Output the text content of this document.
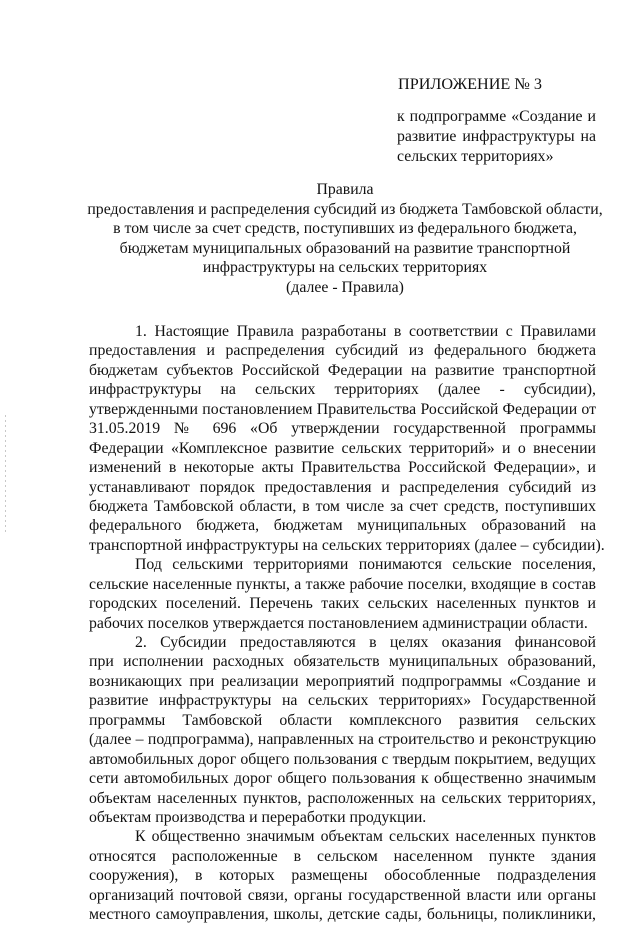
ПРИЛОЖЕНИЕ № 3
к подпрограмме «Создание и
развитие инфраструктуры на
сельских территориях»
Правила
предоставления и распределения субсидий из бюджета Тамбовской области,
в том числе за счет средств, поступивших из федерального бюджета,
бюджетам муниципальных образований на развитие транспортной
инфраструктуры на сельских территориях
(далее - Правила)
1. Настоящие Правила разработаны в соответствии с Правилами
предоставления и распределения субсидий из федерального бюджета
бюджетам субъектов Российской Федерации на развитие транспортной
инфраструктуры на сельских территориях (далее - субсидии),
утвержденными постановлением Правительства Российской Федерации от
31.05.2019 № 696 «Об утверждении государственной программы
Федерации «Комплексное развитие сельских территорий» и о внесении
изменений в некоторые акты Правительства Российской Федерации», и
устанавливают порядок предоставления и распределения субсидий из
бюджета Тамбовской области, в том числе за счет средств, поступивших
федерального бюджета, бюджетам муниципальных образований на
транспортной инфраструктуры на сельских территориях (далее – субсидии).
Под сельскими территориями понимаются сельские поселения,
сельские населенные пункты, а также рабочие поселки, входящие в состав
городских поселений. Перечень таких сельских населенных пунктов и
рабочих поселков утверждается постановлением администрации области.
2. Субсидии предоставляются в целях оказания финансовой
при исполнении расходных обязательств муниципальных образований,
возникающих при реализации мероприятий подпрограммы «Создание и
развитие инфраструктуры на сельских территориях» Государственной
программы Тамбовской области комплексного развития сельских
(далее – подпрограмма), направленных на строительство и реконструкцию
автомобильных дорог общего пользования с твердым покрытием, ведущих
сети автомобильных дорог общего пользования к общественно значимым
объектам населенных пунктов, расположенных на сельских территориях,
объектам производства и переработки продукции.
К общественно значимым объектам сельских населенных пунктов
относятся расположенные в сельском населенном пункте здания
сооружения), в которых размещены обособленные подразделения
организаций почтовой связи, органы государственной власти или органы
местного самоуправления, школы, детские сады, больницы, поликлиники,
